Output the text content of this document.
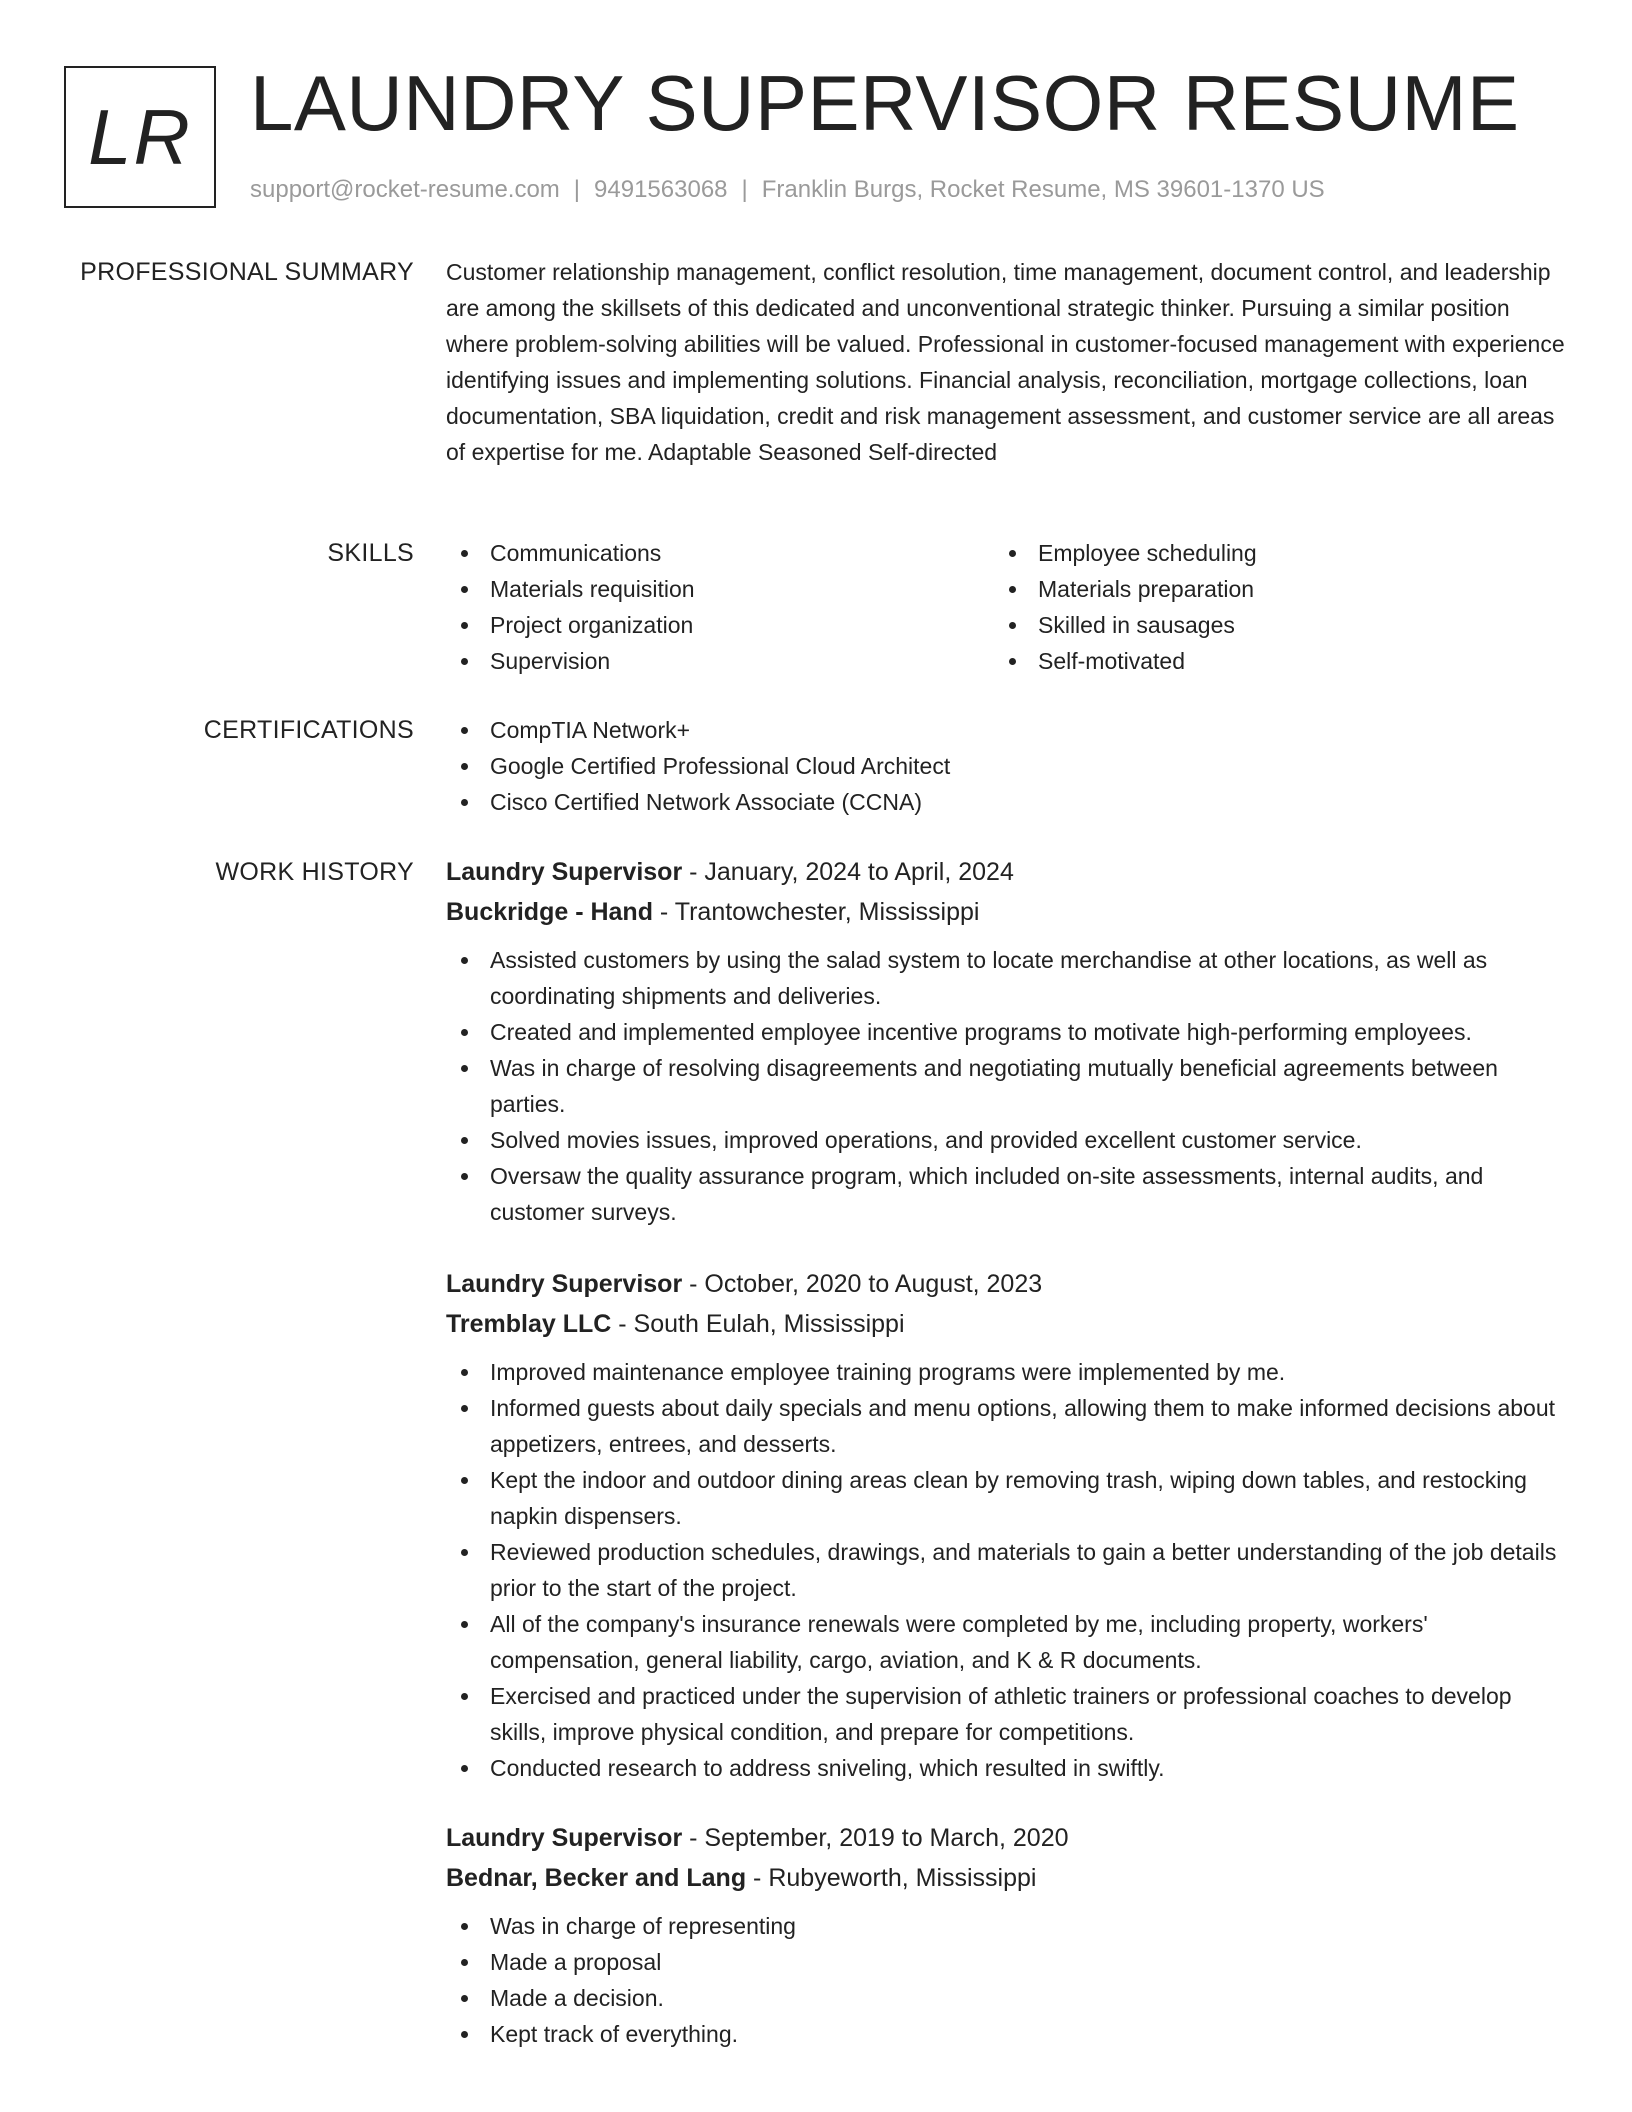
LR LAUNDRY SUPERVISOR RESUME
support@rocket-resume.com | 9491563068 | Franklin Burgs, Rocket Resume, MS 39601-1370 US
PROFESSIONAL SUMMARY Customer relationship management, conflict resolution, time management, document control, and leadership are among the skillsets of this dedicated and unconventional strategic thinker. Pursuing a similar position where problem-solving abilities will be valued. Professional in customer-focused management with experience identifying issues and implementing solutions. Financial analysis, reconciliation, mortgage collections, loan documentation, SBA liquidation, credit and risk management assessment, and customer service are all areas of expertise for me. Adaptable Seasoned Self-directed
SKILLS	Communications
Materials requisition
Project organization
Supervision
Employee scheduling
Materials preparation
Skilled in sausages
Self-motivated
CERTIFICATIONS	CompTIA Network+
Google Certified Professional Cloud Architect
Cisco Certified Network Associate (CCNA)
WORK HISTORY Laundry Supervisor - January, 2024 to April, 2024
Buckridge - Hand - Trantowchester, Mississippi
Assisted customers by using the salad system to locate merchandise at other locations, as well as coordinating shipments and deliveries.
Created and implemented employee incentive programs to motivate high-performing employees.
Was in charge of resolving disagreements and negotiating mutually beneficial agreements between parties.
Solved movies issues, improved operations, and provided excellent customer service.
Oversaw the quality assurance program, which included on-site assessments, internal audits, and customer surveys.
Laundry Supervisor - October, 2020 to August, 2023
Tremblay LLC - South Eulah, Mississippi
Improved maintenance employee training programs were implemented by me.
Informed guests about daily specials and menu options, allowing them to make informed decisions about appetizers, entrees, and desserts.
Kept the indoor and outdoor dining areas clean by removing trash, wiping down tables, and restocking napkin dispensers.
Reviewed production schedules, drawings, and materials to gain a better understanding of the job details prior to the start of the project.
All of the company's insurance renewals were completed by me, including property, workers' compensation, general liability, cargo, aviation, and K & R documents.
Exercised and practiced under the supervision of athletic trainers or professional coaches to develop skills, improve physical condition, and prepare for competitions.
Conducted research to address sniveling, which resulted in swiftly.
Laundry Supervisor - September, 2019 to March, 2020
Bednar, Becker and Lang - Rubyeworth, Mississippi
Was in charge of representing
Made a proposal
Made a decision.
Kept track of everything.
